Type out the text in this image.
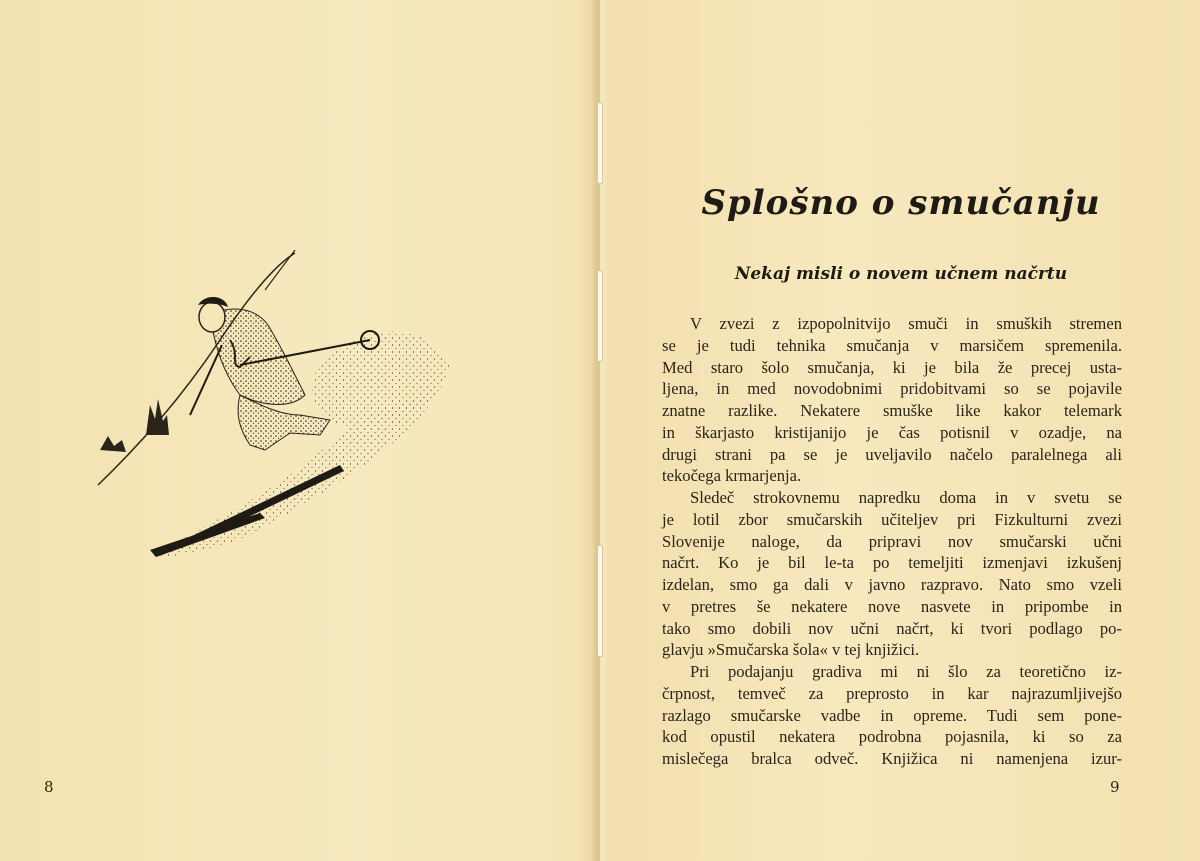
8
Splošno o smučanju
Nekaj misli o novem učnem načrtu
V zvezi z izpopolnitvijo smuči in smuških stremen
se je tudi tehnika smučanja v marsičem spremenila.
Med staro šolo smučanja, ki je bila že precej usta-
ljena, in med novodobnimi pridobitvami so se pojavile
znatne razlike. Nekatere smuške like kakor telemark
in škarjasto kristijanijo je čas potisnil v ozadje, na
drugi strani pa se je uveljavilo načelo paralelnega ali
tekočega krmarjenja.
Sledeč strokovnemu napredku doma in v svetu se
je lotil zbor smučarskih učiteljev pri Fizkulturni zvezi
Slovenije naloge, da pripravi nov smučarski učni
načrt. Ko je bil le-ta po temeljiti izmenjavi izkušenj
izdelan, smo ga dali v javno razpravo. Nato smo vzeli
v pretres še nekatere nove nasvete in pripombe in
tako smo dobili nov učni načrt, ki tvori podlago po-
glavju »Smučarska šola« v tej knjižici.
Pri podajanju gradiva mi ni šlo za teoretično iz-
črpnost, temveč za preprosto in kar najrazumljivejšo
razlago smučarske vadbe in opreme. Tudi sem pone-
kod opustil nekatera podrobna pojasnila, ki so za
mislečega bralca odveč. Knjižica ni namenjena izur-
9
